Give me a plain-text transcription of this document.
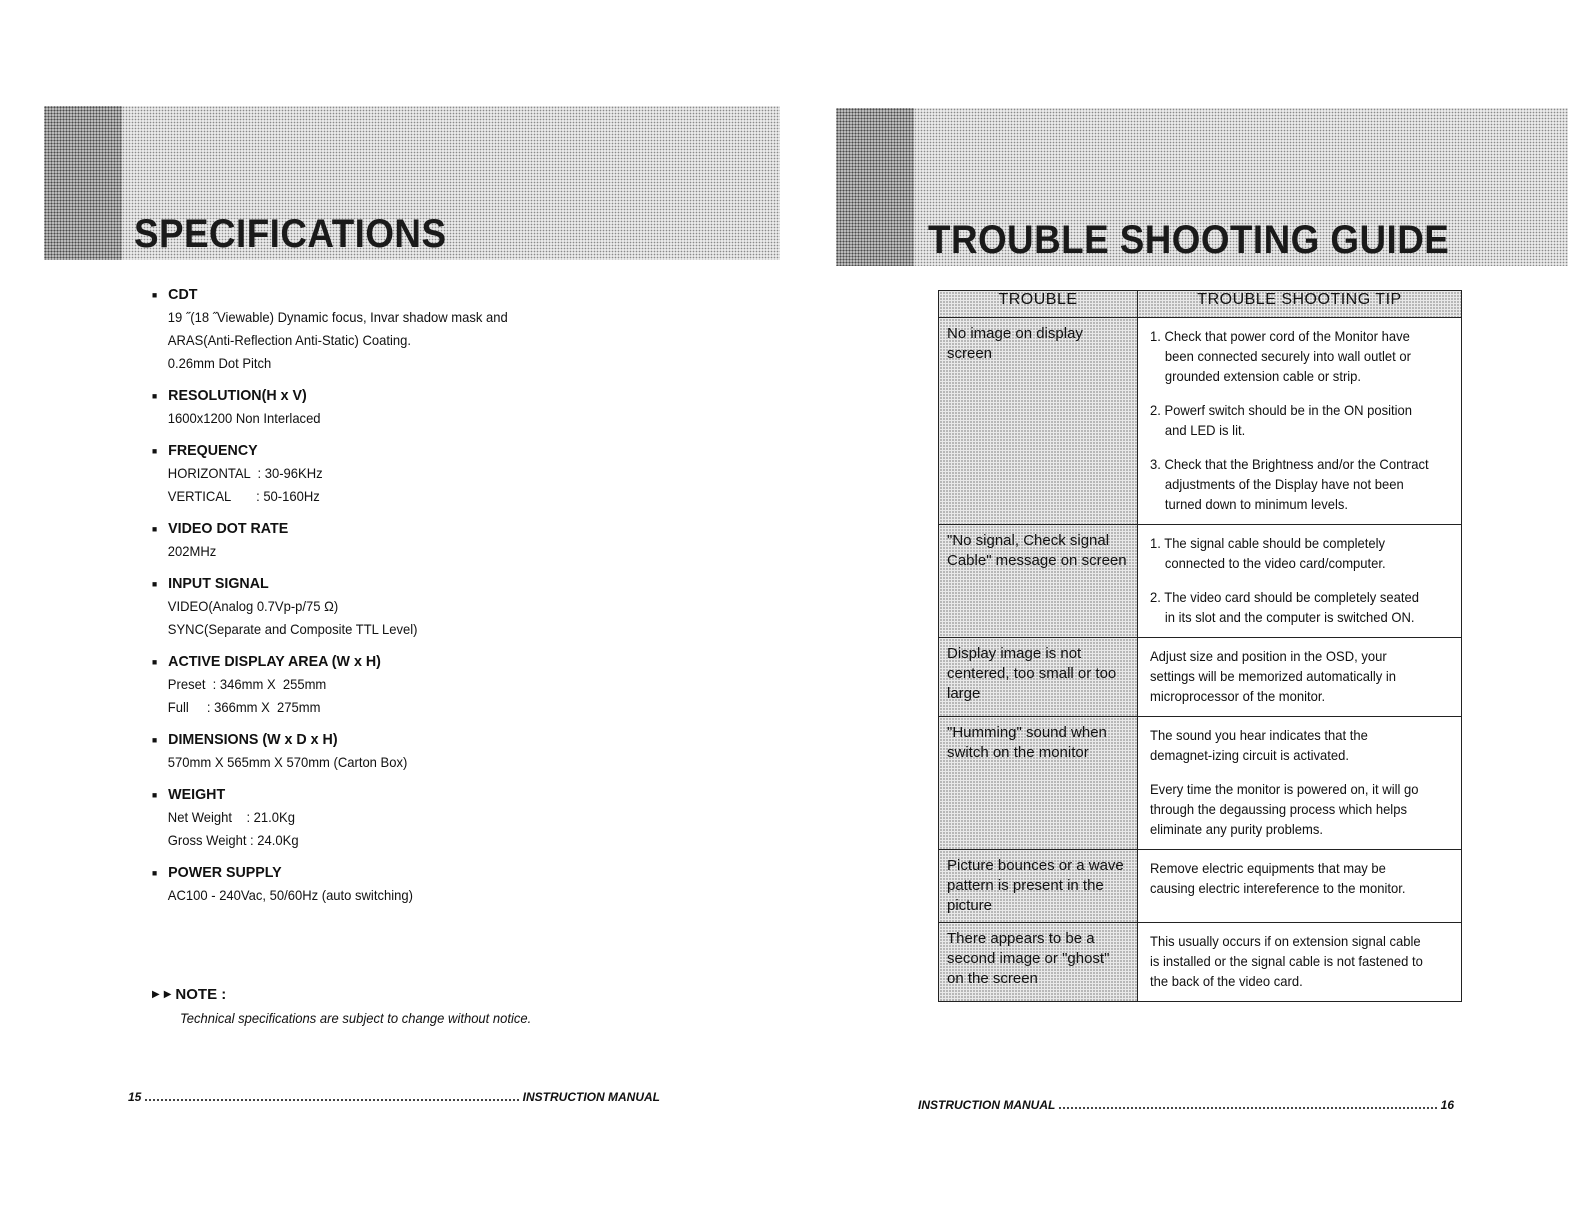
SPECIFICATIONS
■ CDT
19 ˝(18 ˝Viewable) Dynamic focus, Invar shadow mask and
ARAS(Anti-Reflection Anti-Static) Coating.
0.26mm Dot Pitch
■ RESOLUTION(H x V)
1600x1200 Non Interlaced
■ FREQUENCY
HORIZONTAL  : 30-96KHz
VERTICAL       : 50-160Hz
■ VIDEO DOT RATE
202MHz
■ INPUT SIGNAL
VIDEO(Analog 0.7Vp-p/75 Ω)
SYNC(Separate and Composite TTL Level)
■ ACTIVE DISPLAY AREA (W x H)
Preset  : 346mm X  255mm
Full     : 366mm X  275mm
■ DIMENSIONS (W x D x H)
570mm X 565mm X 570mm (Carton Box)
■ WEIGHT
Net Weight    : 21.0Kg
Gross Weight : 24.0Kg
■ POWER SUPPLY
AC100 - 240Vac, 50/60Hz (auto switching)
▶ ▶ NOTE :
Technical specifications are subject to change without notice.
15	INSTRUCTION MANUAL
TROUBLE SHOOTING GUIDE
TROUBLE	TROUBLE SHOOTING TIP
No image on display screen	1. Check that power cord of the Monitor have been connected securely into wall outlet or grounded extension cable or strip.
2. Powerf switch should be in the ON position and LED is lit.
3. Check that the Brightness and/or the Contract adjustments of the Display have not been turned down to minimum levels.

"No signal, Check signal Cable" message on screen	1. The signal cable should be completely connected to the video card/computer.
2. The video card should be completely seated in its slot and the computer is switched ON.

Display image is not centered, too small or too large	Adjust size and position in the OSD, your settings will be memorized automatically in microprocessor of the monitor.

"Humming" sound when switch on the monitor	The sound you hear indicates that the demagnet-izing circuit is activated.
Every time the monitor is powered on, it will go through the degaussing process which helps eliminate any purity problems.

Picture bounces or a wave pattern is present in the picture	Remove electric equipments that may be causing electric intereference to the monitor.

There appears to be a second image or "ghost" on the screen	This usually occurs if on extension signal cable is installed or the signal cable is not fastened to the back of the video card.
INSTRUCTION MANUAL	16
